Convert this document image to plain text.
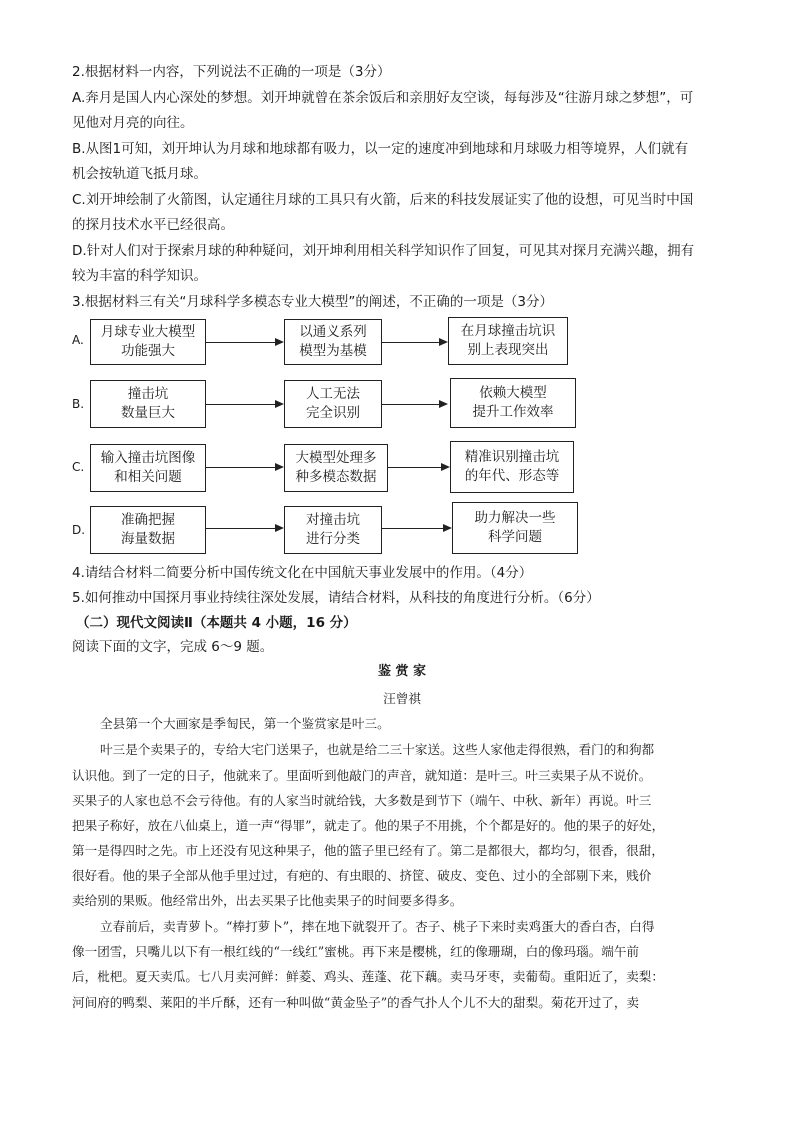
2.根据材料一内容，下列说法不正确的一项是（3分）
A.奔月是国人内心深处的梦想。刘开坤就曾在茶余饭后和亲朋好友空谈，每每涉及“往游月球之梦想”，可
见他对月亮的向往。
B.从图1可知，刘开坤认为月球和地球都有吸力，以一定的速度冲到地球和月球吸力相等境界，人们就有
机会按轨道飞抵月球。
C.刘开坤绘制了火箭图，认定通往月球的工具只有火箭，后来的科技发展证实了他的设想，可见当时中国
的探月技术水平已经很高。
D.针对人们对于探索月球的种种疑问，刘开坤利用相关科学知识作了回复，可见其对探月充满兴趣，拥有
较为丰富的科学知识。
3.根据材料三有关“月球科学多模态专业大模型”的阐述，不正确的一项是（3分）
A. 月球专业大模型
功能强大
以通义系列
模型为基模
在月球撞击坑识
别上表现突出
B.
撞击坑
数量巨大
人工无法
完全识别
依赖大模型
提升工作效率
C.
输入撞击坑图像
和相关问题
大模型处理多
种多模态数据
精准识别撞击坑
的年代、形态等
D.
准确把握
海量数据
对撞击坑
进行分类
助力解决一些
科学问题
4.请结合材料二简要分析中国传统文化在中国航天事业发展中的作用。（4分）
5.如何推动中国探月事业持续往深处发展，请结合材料，从科技的角度进行分析。（6分）
（二）现代文阅读Ⅱ（本题共 4 小题，16 分）
阅读下面的文字，完成 6～9 题。
鉴 赏 家
汪曾祺
全县第一个大画家是季匋民，第一个鉴赏家是叶三。
叶三是个卖果子的，专给大宅门送果子，也就是给二三十家送。这些人家他走得很熟，看门的和狗都
认识他。到了一定的日子，他就来了。里面听到他敲门的声音，就知道：是叶三。叶三卖果子从不说价。
买果子的人家也总不会亏待他。有的人家当时就给钱，大多数是到节下（端午、中秋、新年）再说。叶三
把果子称好，放在八仙桌上，道一声“得罪”，就走了。他的果子不用挑，个个都是好的。他的果子的好处，
第一是得四时之先。市上还没有见这种果子，他的篮子里已经有了。第二是都很大，都均匀，很香，很甜，
很好看。他的果子全部从他手里过过，有疤的、有虫眼的、挤筐、破皮、变色、过小的全部剔下来，贱价
卖给别的果贩。他经常出外，出去买果子比他卖果子的时间要多得多。
立春前后，卖青萝卜。“棒打萝卜”，摔在地下就裂开了。杏子、桃子下来时卖鸡蛋大的香白杏，白得
像一团雪，只嘴儿以下有一根红线的“一线红”蜜桃。再下来是樱桃，红的像珊瑚，白的像玛瑙。端午前
后，枇杷。夏天卖瓜。七八月卖河鲜：鲜菱、鸡头、莲蓬、花下藕。卖马牙枣，卖葡萄。重阳近了，卖梨：
河间府的鸭梨、莱阳的半斤酥，还有一种叫做“黄金坠子”的香气扑人个儿不大的甜梨。菊花开过了，卖
